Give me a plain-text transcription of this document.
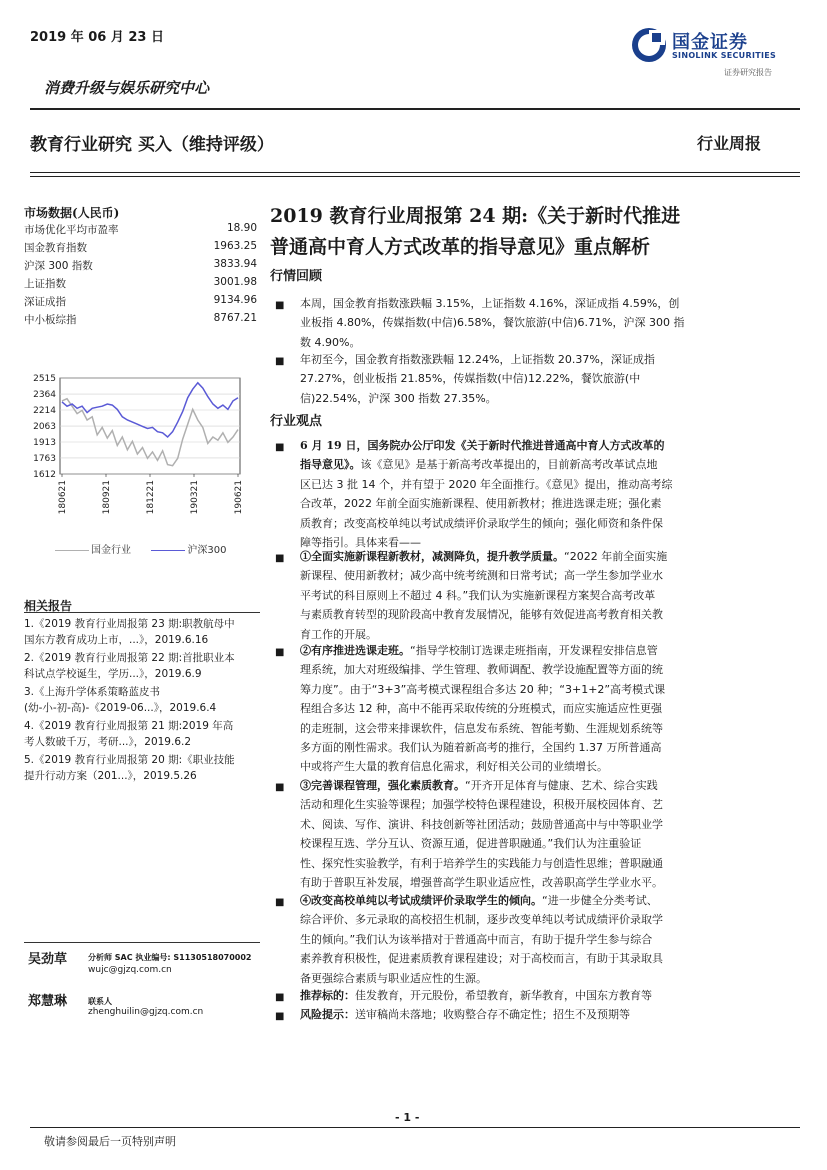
2019 年 06 月 23 日	国金证券
SINOLINK SECURITIES
证券研究报告
消费升级与娱乐研究中心
教育行业研究 买入（维持评级）	行业周报
市场数据(人民币)
市场优化平均市盈率	18.90
国金教育指数	1963.25
沪深 300 指数	3833.94
上证指数	3001.98
深证成指	9134.96
中小板综指	8767.21
2515
2364
2214
2063
1913
1763
1612
180621	180921	181221	190321	190621
国金行业	沪深300
相关报告
1.《2019 教育行业周报第 23 期:职教航母中
国东方教育成功上市，...》，2019.6.16
2.《2019 教育行业周报第 22 期:首批职业本
科试点学校诞生，学历...》，2019.6.9
3.《上海升学体系策略蓝皮书
(幼-小-初-高)-《2019-06...》，2019.6.4
4.《2019 教育行业周报第 21 期:2019 年高
考人数破千万，考研...》，2019.6.2
5.《2019 教育行业周报第 20 期:《职业技能
提升行动方案（201...》，2019.5.26
吴劲草	分析师 SAC 执业编号: S1130518070002
wujc@gjzq.com.cn
郑慧琳	联系人
zhenghuilin@gjzq.com.cn
2019 教育行业周报第 24 期:《关于新时代推进
普通高中育人方式改革的指导意见》重点解析
行情回顾
■ 本周，国金教育指数涨跌幅 3.15%，上证指数 4.16%，深证成指 4.59%，创
业板指 4.80%，传媒指数(中信)6.58%，餐饮旅游(中信)6.71%，沪深 300 指
数 4.90%。
■ 年初至今，国金教育指数涨跌幅 12.24%，上证指数 20.37%，深证成指
27.27%，创业板指 21.85%，传媒指数(中信)12.22%，餐饮旅游(中
信)22.54%，沪深 300 指数 27.35%。
行业观点
■ 6 月 19 日，国务院办公厅印发《关于新时代推进普通高中育人方式改革的
指导意见》。该《意见》是基于新高考改革提出的，目前新高考改革试点地
区已达 3 批 14 个，并有望于 2020 年全面推行。《意见》提出，推动高考综
合改革，2022 年前全面实施新课程、使用新教材；推进选课走班；强化素
质教育；改变高校单纯以考试成绩评价录取学生的倾向；强化师资和条件保
障等指引。具体来看——
■ ①全面实施新课程新教材，减测降负，提升教学质量。“2022 年前全面实施
新课程、使用新教材；减少高中统考统测和日常考试；高一学生参加学业水
平考试的科目原则上不超过 4 科。”我们认为实施新课程方案契合高考改革
与素质教育转型的现阶段高中教育发展情况，能够有效促进高考教育相关教
育工作的开展。
■ ②有序推进选课走班。“指导学校制订选课走班指南，开发课程安排信息管
理系统，加大对班级编排、学生管理、教师调配、教学设施配置等方面的统
筹力度”。由于“3+3”高考模式课程组合多达 20 种；“3+1+2”高考模式课
程组合多达 12 种，高中不能再采取传统的分班模式，而应实施适应性更强
的走班制，这会带来排课软件，信息发布系统、智能考勤、生涯规划系统等
多方面的刚性需求。我们认为随着新高考的推行，全国约 1.37 万所普通高
中或将产生大量的教育信息化需求，利好相关公司的业绩增长。
■ ③完善课程管理，强化素质教育。“开齐开足体育与健康、艺术、综合实践
活动和理化生实验等课程；加强学校特色课程建设，积极开展校园体育、艺
术、阅读、写作、演讲、科技创新等社团活动；鼓励普通高中与中等职业学
校课程互选、学分互认、资源互通，促进普职融通。”我们认为注重验证
性、探究性实验教学，有利于培养学生的实践能力与创造性思维；普职融通
有助于普职互补发展，增强普高学生职业适应性，改善职高学生学业水平。
■ ④改变高校单纯以考试成绩评价录取学生的倾向。“进一步健全分类考试、
综合评价、多元录取的高校招生机制，逐步改变单纯以考试成绩评价录取学
生的倾向。”我们认为该举措对于普通高中而言，有助于提升学生参与综合
素养教育积极性，促进素质教育课程建设；对于高校而言，有助于其录取具
备更强综合素质与职业适应性的生源。
■ 推荐标的：佳发教育，开元股份，希望教育，新华教育，中国东方教育等
■ 风险提示：送审稿尚未落地；收购整合存不确定性；招生不及预期等
- 1 -
敬请参阅最后一页特别声明
